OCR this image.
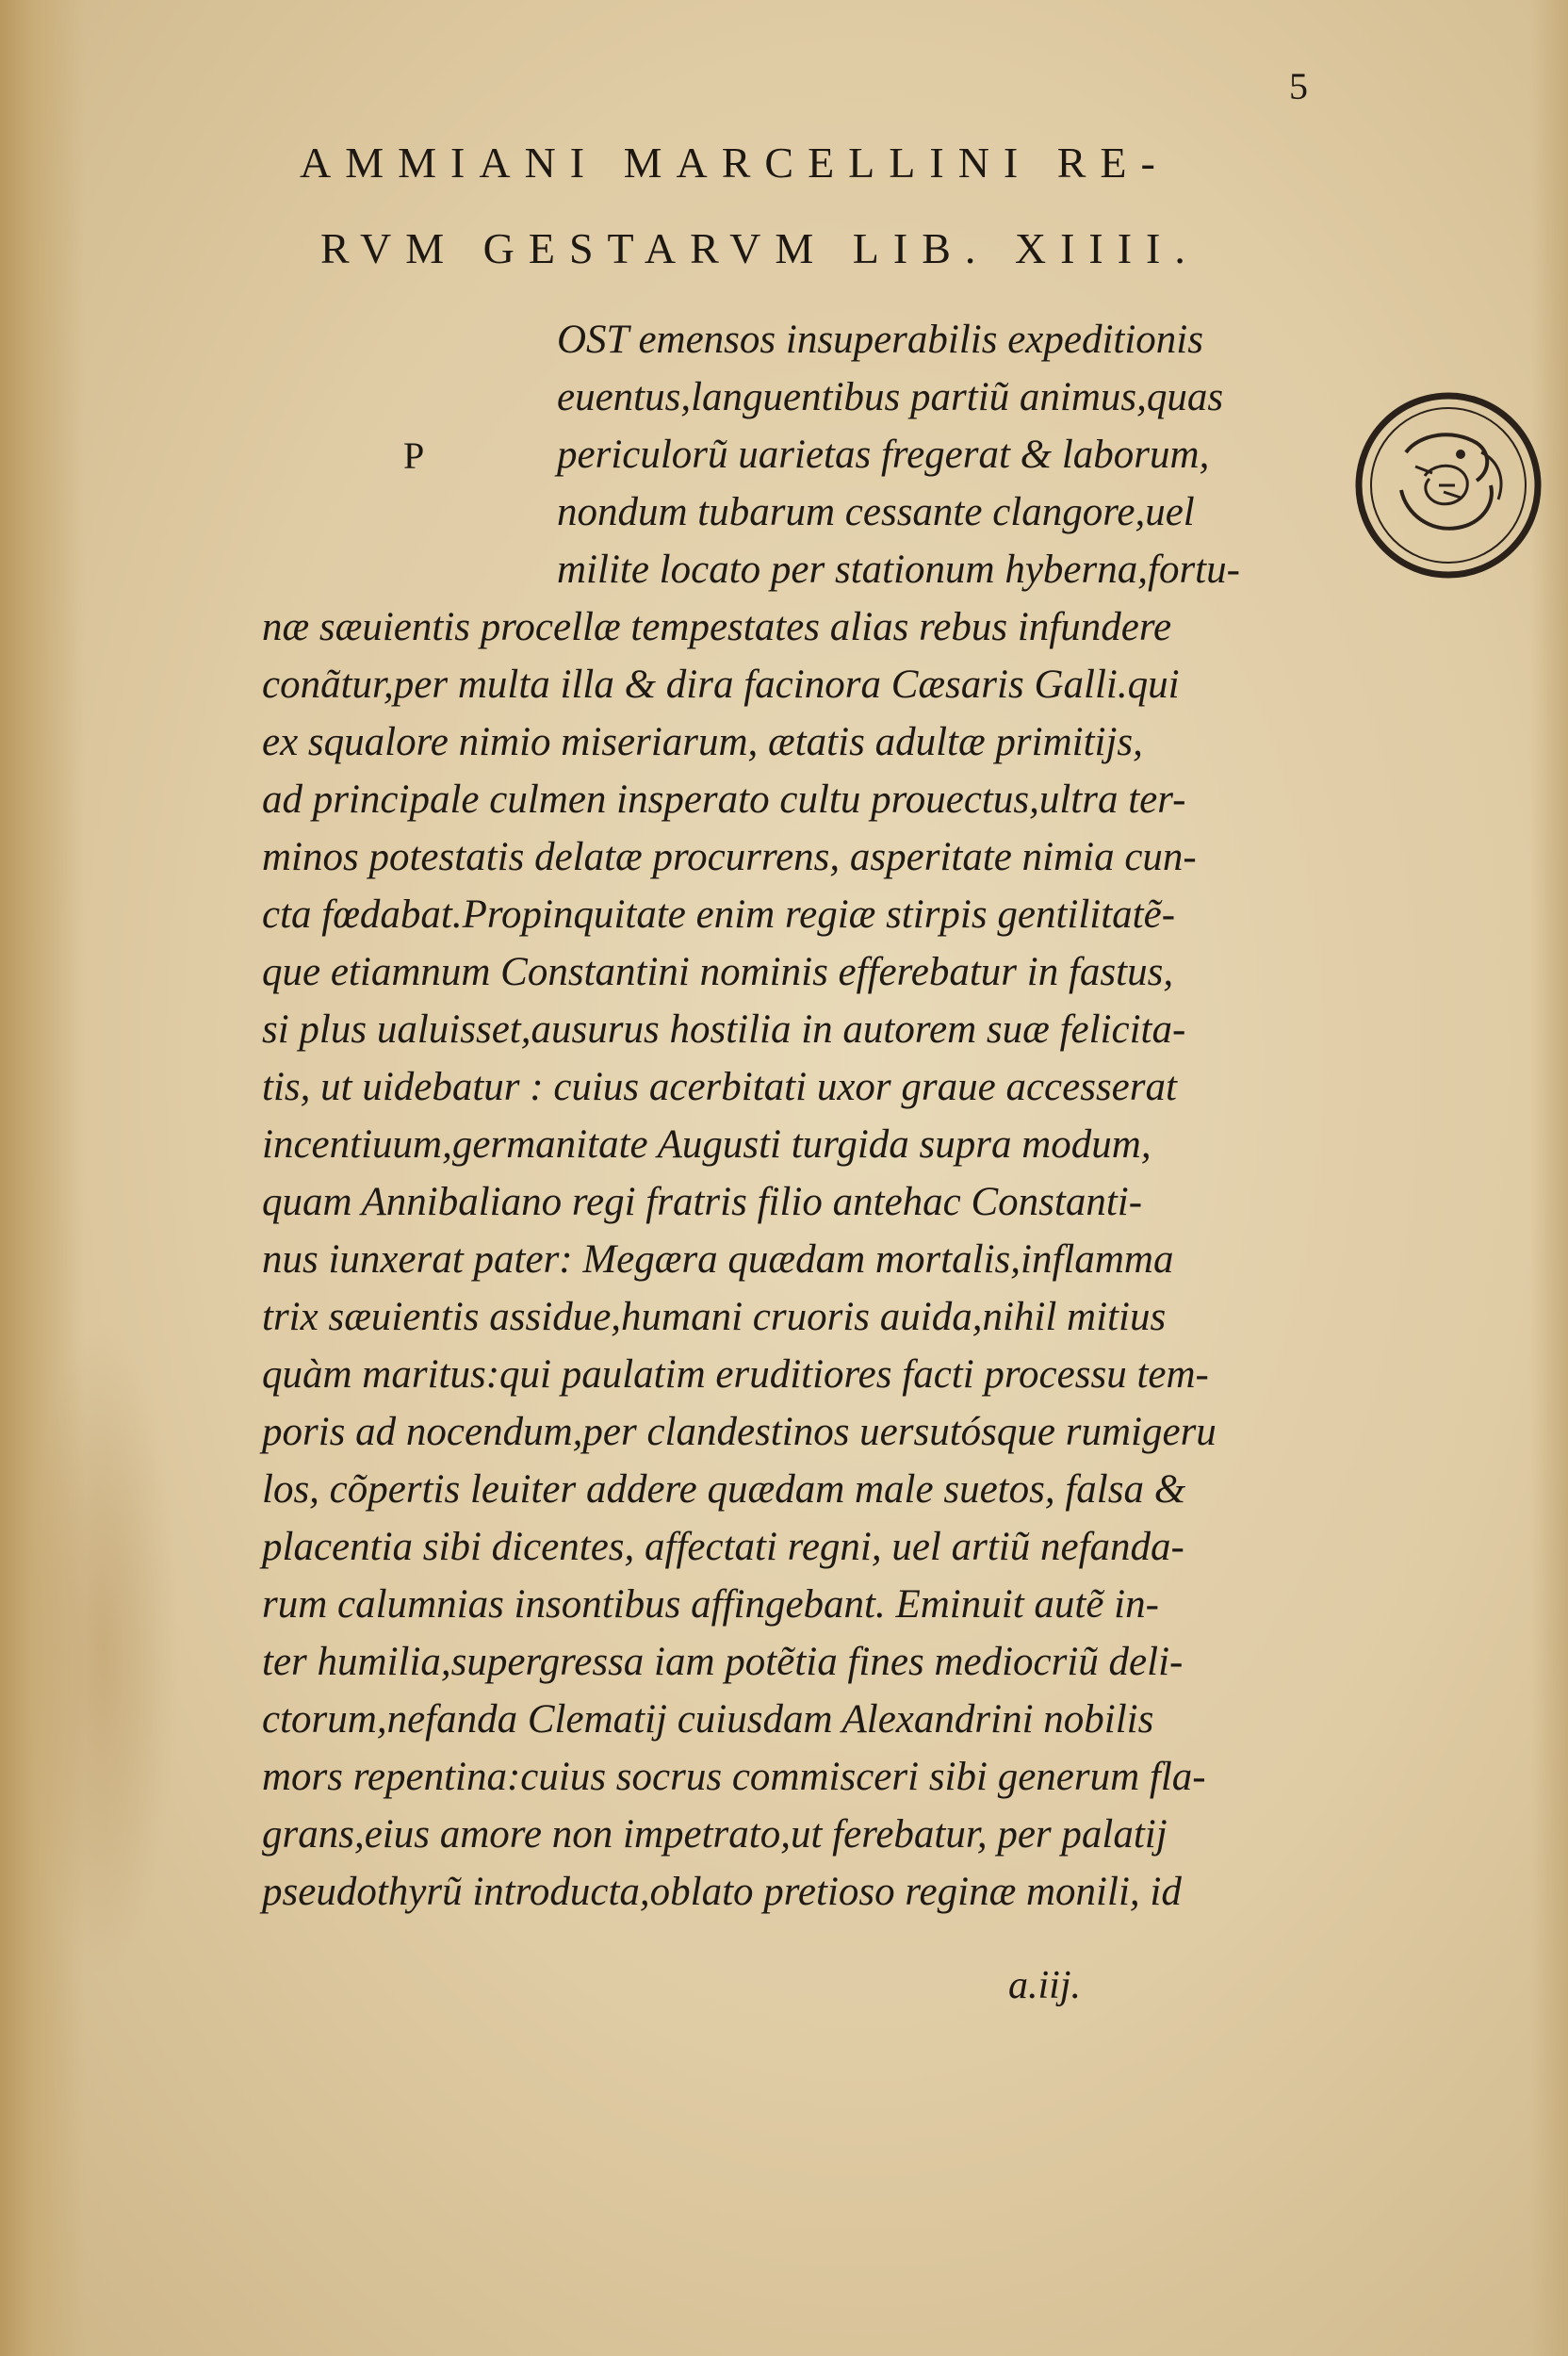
5
AMMIANI MARCELLINI RE-
RVM GESTARVM LIB. XIIII.
P
OST emensos insuperabilis expeditionis
euentus,languentibus partiũ animus,quas
periculorũ uarietas fregerat & laborum,
nondum tubarum cessante clangore,uel
milite locato per stationum hyberna,fortu-
næ sæuientis procellæ tempestates alias rebus infundere
conãtur,per multa illa & dira facinora Cæsaris Galli.qui
ex squalore nimio miseriarum, ætatis adultæ primitijs,
ad principale culmen insperato cultu prouectus,ultra ter-
minos potestatis delatæ procurrens, asperitate nimia cun-
cta fœdabat.Propinquitate enim regiæ stirpis gentilitatẽ-
que etiamnum Constantini nominis efferebatur in fastus,
si plus ualuisset,ausurus hostilia in autorem suæ felicita-
tis, ut uidebatur : cuius acerbitati uxor graue accesserat
incentiuum,germanitate Augusti turgida supra modum,
quam Annibaliano regi fratris filio antehac Constanti-
nus iunxerat pater: Megæra quædam mortalis,inflamma
trix sæuientis assidue,humani cruoris auida,nihil mitius
quàm maritus:qui paulatim eruditiores facti processu tem-
poris ad nocendum,per clandestinos uersutósque rumigeru
los, cõpertis leuiter addere quædam male suetos, falsa &
placentia sibi dicentes, affectati regni, uel artiũ nefanda-
rum calumnias insontibus affingebant. Eminuit autẽ in-
ter humilia,supergressa iam potẽtia fines mediocriũ deli-
ctorum,nefanda Clematij cuiusdam Alexandrini nobilis
mors repentina:cuius socrus commisceri sibi generum fla-
grans,eius amore non impetrato,ut ferebatur, per palatij
pseudothyrũ introducta,oblato pretioso reginæ monili, id
a.iij.
